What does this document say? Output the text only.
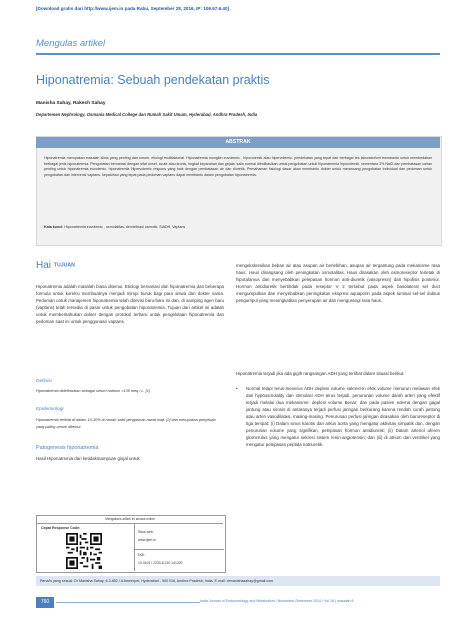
[Download gratis dari http://www.ijem.in pada Rabu, September 28, 2016, IP: 109.67.6.40]
Mengulas artikel
Hiponatremia: Sebuah pendekatan praktis
Manisha Sahay, Rakesh Sahay
Departemen Nephrology, Osmania Medical College dan Rumah Sakit Umum, Hyderabad, Andhra Pradesh, India
ABSTRAK
Hiponatremia merupakan masalah klinis yang penting dan umum. etiologi multifaktorial. Hiponatremia mungkin euvolemic , hipovolemik atau hipervolemic. pendekatan yang tepat dari berbagai tes laboratorium membantu untuk membedakan berbagai jenis hiponatremia. Pengobatan bervariasi dengan sifat onset. acute atau kronis, tingkat keparahan dan gejala. salin normal diindikasikan untuk pengobatan untuk hiponatremia hipovolemik. sementara 3% NaCl dan pembatasan cairan penting untuk hiponatremia euvolemic. hiponatremia Hipervolemic respons yang baik dengan pembatasan air dan diuretik. Pemahaman fisiologi dasar akan membantu dokter untuk merancang pengobatan individual dan pedoman untuk pengobatan dan intervensi vaptans. kepatuhan yang tepat pada pedoman vaptans dapat membantu dalam pengobatan hiponatremia.
Kata kunci: Hiponatremia euvolemic , osmolalitas, demielinasi osmotik, SIADH, Vaptans
Hai TUJUAN

Hiponatremia adalah masalah biasa ditemui. Etiologi bervariasi dan hiponatremia dan beberapa formula untuk koreksi membuatnya menjadi mimpi buruk bagi para siswa dan dokter sama. Pedoman untuk manajemen hiponatremia telah direvisi baru-baru ini dan, di samping agen baru (vaptans) telah tersedia di pasar untuk pengobatan hiponatremia. Tujuan dari artikel ini adalah untuk memberitahukan dokter dengan protokol terbaru untuk pengelolaan hiponatremia dan pedoman saat ini untuk penggunaan vaptans.

Definisi
Hiponatremia didefinisikan sebagai serum natrium <135 meq / L. [1]
Epidemiologi
Hiponatremia terlihat di dalam 15-30% di rumah sakit pengaturan rawat inap. [2] dan merupakan penyebab yang paling umum ditemui.
Patogenesis hiponatremia
Hasil Hiponatremia dari ketidakmampuan ginjal untuk
mengekskresikan beban air atau asupan air berlebihan. asupan air tergantung pada mekanisme rasa haus. Haus dirangsang oleh peningkatan osmolalitas. Haus dirasakan oleh osmoreseptor terletak di hipotalamus dan menyebabkan pelepasan hormon anti-diuretik (vasopresin) dari hipofisis posterior. Hormon antidiuretik bertindak pada reseptor V 2 tersebut pada aspek basolateral sel duct mengumpulkan dan menyebabkan peningkatan ekspresi aquaporin pada aspek luminal sel-sel duktus pengumpul yang meningkatkan penyerapan air dan mengurangi rasa haus.
Hiponatremia terjadi jika ada gigih rangsangan ADH yang terlihat dalam situasi berikut.
• Normal tetapi terus-menerus ADH deplesi volume sekresi-In efek volume menurun melawan efek dari hypoosmolality dan stimulasi ADH terus terjadi. penurunan volume darah arteri yang efektif terjadi melalui dua mekanisme: deplesi volume Benar; dan pada pasien edema dengan gagal jantung atau sirosis di antaranya terjadi perfusi jaringan berkurang karena rendah curah jantung atau arteri vasodilatasi, masing-masing. Penurunan perfusi jaringan dirasakan oleh baroreseptor di tiga tempat: (i) Dalam sinus karotis dan arkus aorta yang mengatur aktivitas simpatik dan, dengan penurunan volume yang signifikan, pelepasan hormon antidiuretik; (ii) Dalam arteriol aferen glomerulus yang mengatur sekresi sistem renin-angiotensin; dan (iii) di atrium dan ventrikel yang mengatur pelepasan peptida natriuretik.
Mengakses artikel ini secara online
Cepat Response Code:
Situs web:
www.ijem.in
DOI:
10.4103 / 2230-8.210.141320
Pena/is yang sesuai: Dr Manisha Sahay, 6-3-852 / A Ameerpet, Hyderabad - 500 016, Andhra Pradesh, India. E-mail: drmanishasahay@gmail.com
760	India Journal of Endocrinology and Metabolism / November-Desember 2014 / Vol 18 | masalah 6
